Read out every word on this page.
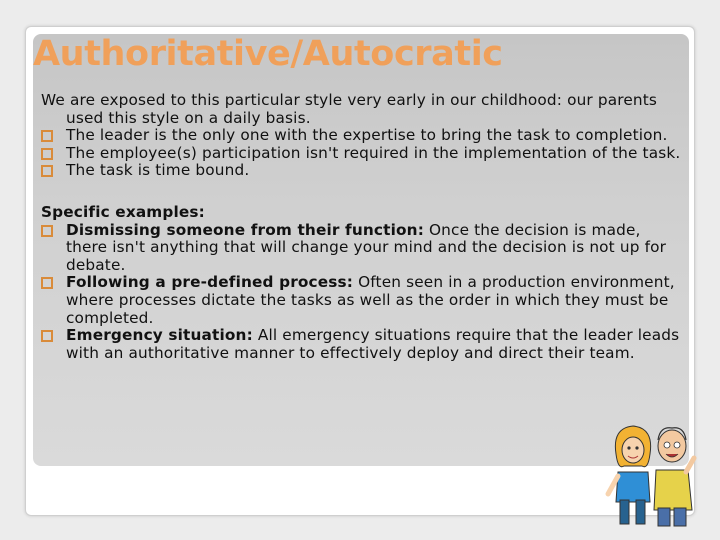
Authoritative/Autocratic

We are exposed to this particular style very early in our childhood: our parents used this style on a daily basis.

The leader is the only one with the expertise to bring the task to completion.
The employee(s) participation isn't required in the implementation of the task.
The task is time bound.

Specific examples:

Dismissing someone from their function: Once the decision is made, there isn't anything that will change your mind and the decision is not up for debate.
Following a pre-defined process: Often seen in a production environment, where processes dictate the tasks as well as the order in which they must be completed.
Emergency situation: All emergency situations require that the leader leads with an authoritative manner to effectively deploy and direct their team.
